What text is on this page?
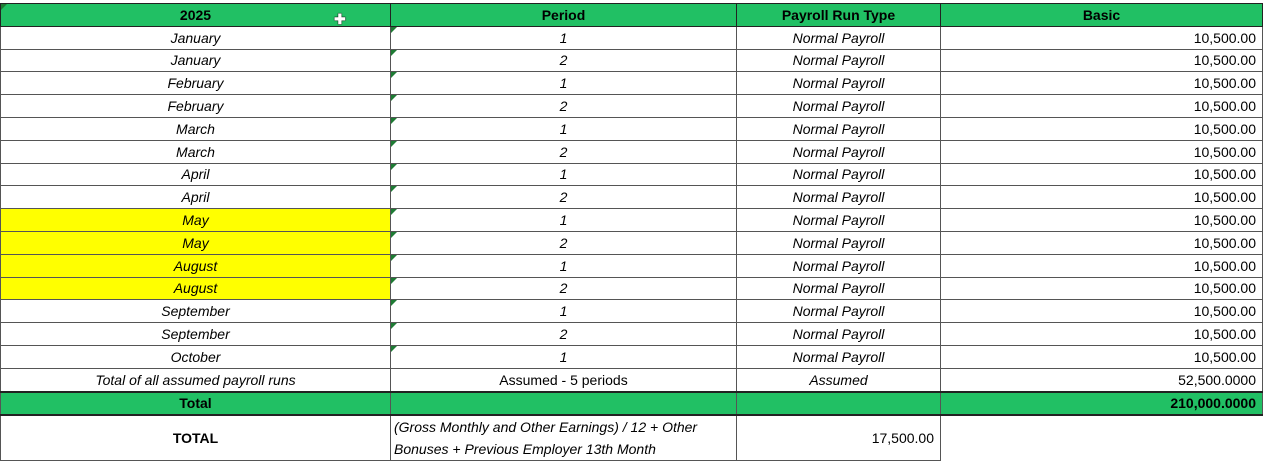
2025	Period	Payroll Run Type	Basic
January	1	Normal Payroll	10,500.00
January	2	Normal Payroll	10,500.00
February	1	Normal Payroll	10,500.00
February	2	Normal Payroll	10,500.00
March	1	Normal Payroll	10,500.00
March	2	Normal Payroll	10,500.00
April	1	Normal Payroll	10,500.00
April	2	Normal Payroll	10,500.00
May	1	Normal Payroll	10,500.00
May	2	Normal Payroll	10,500.00
August	1	Normal Payroll	10,500.00
August	2	Normal Payroll	10,500.00
September	1	Normal Payroll	10,500.00
September	2	Normal Payroll	10,500.00
October	1	Normal Payroll	10,500.00
Total of all assumed payroll runs	Assumed - 5 periods	Assumed	52,500.0000
Total			210,000.0000
TOTAL	(Gross Monthly and Other Earnings) / 12 + Other Bonuses + Previous Employer 13th Month	17,500.00	
✚
